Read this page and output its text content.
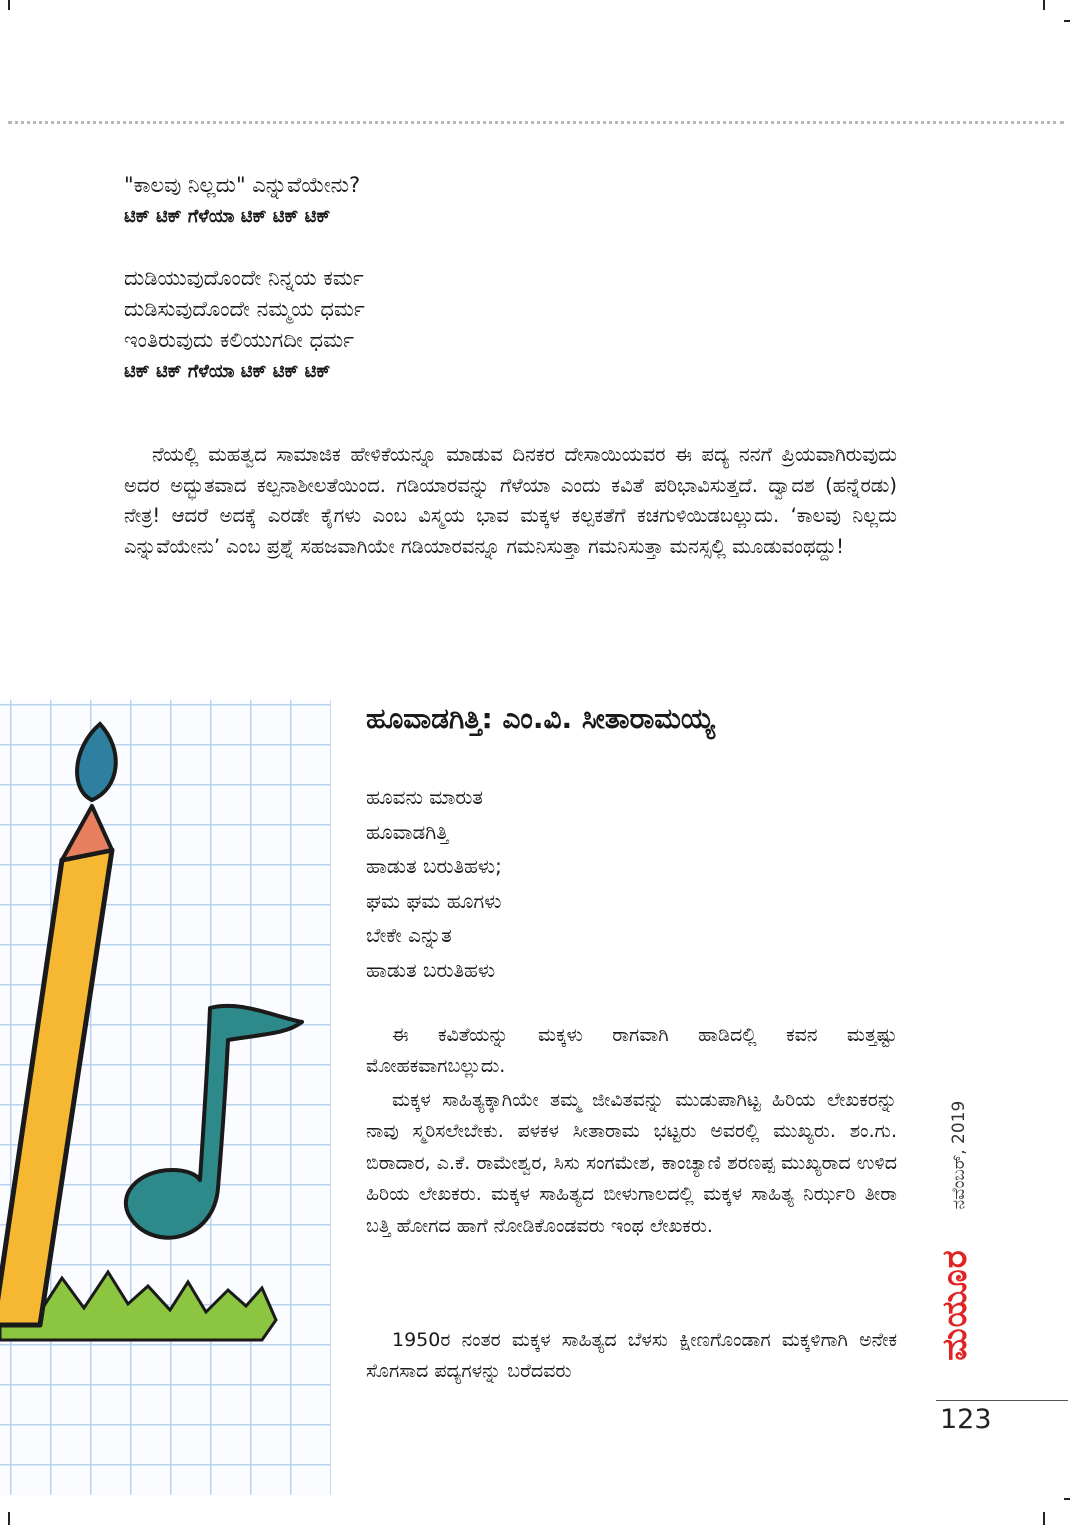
"ಕಾಲವು ನಿಲ್ಲದು" ಎನ್ನುವೆಯೇನು?
ಟಿಕ್ ಟಿಕ್ ಗೆಳೆಯಾ ಟಿಕ್ ಟಿಕ್ ಟಿಕ್
ದುಡಿಯುವುದೊಂದೇ ನಿನ್ನಯ ಕರ್ಮ
ದುಡಿಸುವುದೊಂದೇ ನಮ್ಮಯ ಧರ್ಮ
ಇಂತಿರುವುದು ಕಲಿಯುಗದೀ ಧರ್ಮ
ಟಿಕ್ ಟಿಕ್ ಗೆಳೆಯಾ ಟಿಕ್ ಟಿಕ್ ಟಿಕ್
ನೆಯಲ್ಲಿ ಮಹತ್ವದ ಸಾಮಾಜಿಕ ಹೇಳಿಕೆಯನ್ನೂ ಮಾಡುವ ದಿನಕರ ದೇಸಾಯಿಯವರ ಈ ಪದ್ಯ ನನಗೆ ಪ್ರಿಯವಾಗಿರುವುದು ಅದರ ಅದ್ಭುತವಾದ ಕಲ್ಪನಾಶೀಲತೆಯಿಂದ. ಗಡಿಯಾರವನ್ನು ಗೆಳೆಯಾ ಎಂದು ಕವಿತೆ ಪರಿಭಾವಿಸುತ್ತದೆ. ದ್ವಾದಶ (ಹನ್ನೆರಡು) ನೇತ್ರ! ಆದರೆ ಅದಕ್ಕೆ ಎರಡೇ ಕೈಗಳು ಎಂಬ ವಿಸ್ಮಯ ಭಾವ ಮಕ್ಕಳ ಕಲ್ಪಕತೆಗೆ ಕಚಗುಳಿಯಿಡಬಲ್ಲುದು. ‘ಕಾಲವು ನಿಲ್ಲದು ಎನ್ನುವೆಯೇನು’ ಎಂಬ ಪ್ರಶ್ನೆ ಸಹಜವಾಗಿಯೇ ಗಡಿಯಾರವನ್ನೂ ಗಮನಿಸುತ್ತಾ ಗಮನಿಸುತ್ತಾ ಮನಸ್ಸಲ್ಲಿ ಮೂಡುವಂಥದ್ದು!
ಹೂವಾಡಗಿತ್ತಿ: ಎಂ.ವಿ. ಸೀತಾರಾಮಯ್ಯ
ಹೂವನು ಮಾರುತ
ಹೂವಾಡಗಿತ್ತಿ
ಹಾಡುತ ಬರುತಿಹಳು;
ಘಮ ಘಮ ಹೂಗಳು
ಬೇಕೇ ಎನ್ನುತ
ಹಾಡುತ ಬರುತಿಹಳು
ಈ ಕವಿತೆಯನ್ನು ಮಕ್ಕಳು ರಾಗವಾಗಿ ಹಾಡಿದಲ್ಲಿ ಕವನ ಮತ್ತಷ್ಟು ಮೋಹಕವಾಗಬಲ್ಲುದು.
ಮಕ್ಕಳ ಸಾಹಿತ್ಯಕ್ಕಾಗಿಯೇ ತಮ್ಮ ಜೀವಿತವನ್ನು ಮುಡುಪಾಗಿಟ್ಟ ಹಿರಿಯ ಲೇಖಕರನ್ನು ನಾವು ಸ್ಮರಿಸಲೇಬೇಕು. ಪಳಕಳ ಸೀತಾರಾಮ ಭಟ್ಟರು ಅವರಲ್ಲಿ ಮುಖ್ಯರು. ಶಂ.ಗು. ಬಿರಾದಾರ, ಎ.ಕೆ. ರಾಮೇಶ್ವರ, ಸಿಸು ಸಂಗಮೇಶ, ಕಾಂಚ್ಯಾಣಿ ಶರಣಪ್ಪ ಮುಖ್ಯರಾದ ಉಳಿದ ಹಿರಿಯ ಲೇಖಕರು. ಮಕ್ಕಳ ಸಾಹಿತ್ಯದ ಬೀಳುಗಾಲದಲ್ಲಿ ಮಕ್ಕಳ ಸಾಹಿತ್ಯ ನಿರ್ಝರಿ ತೀರಾ ಬತ್ತಿ ಹೋಗದ ಹಾಗೆ ನೋಡಿಕೊಂಡವರು ಇಂಥ ಲೇಖಕರು.
1950ರ ನಂತರ ಮಕ್ಕಳ ಸಾಹಿತ್ಯದ ಬೆಳಸು ಕ್ಷೀಣಗೊಂಡಾಗ ಮಕ್ಕಳಿಗಾಗಿ ಅನೇಕ ಸೊಗಸಾದ ಪದ್ಯಗಳನ್ನು ಬರೆದವರು
ನವೆಂಬರ್, 2019
ಮಯೂರ
123
